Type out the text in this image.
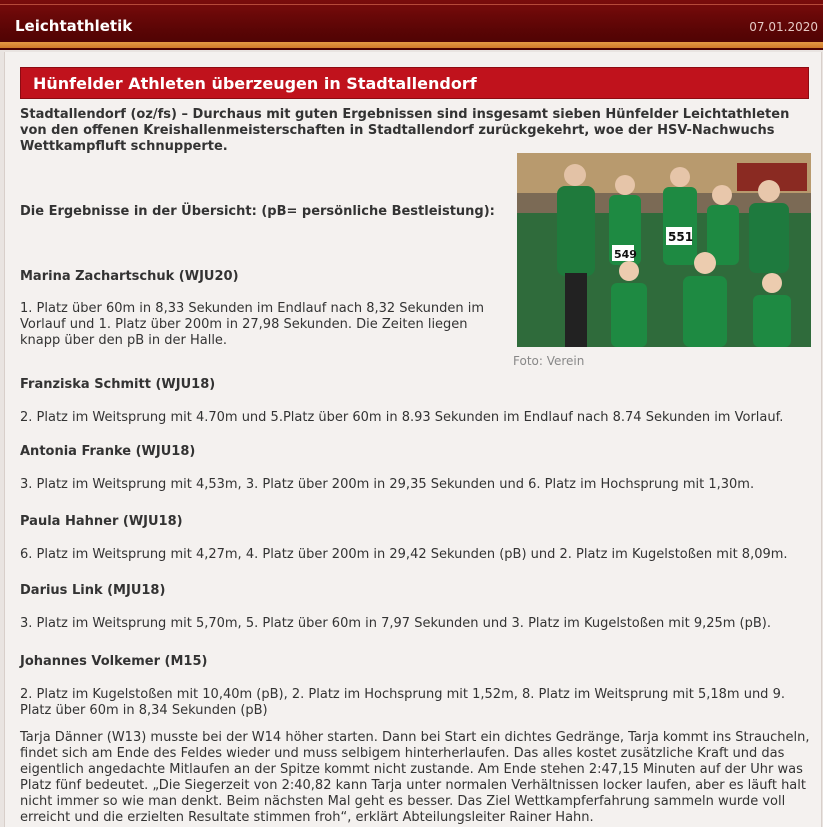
Leichtathletik	07.01.2020
Hünfelder Athleten überzeugen in Stadtallendorf
Stadtallendorf (oz/fs) – Durchaus mit guten Ergebnissen sind insgesamt sieben Hünfelder Leichtathleten von den offenen Kreishallenmeisterschaften in Stadtallendorf zurückgekehrt, woe der HSV-Nachwuchs Wettkampfluft schnupperte.
549
551
Foto: Verein
Die Ergebnisse in der Übersicht: (pB= persönliche Bestleistung):
Marina Zachartschuk (WJU20)
1. Platz über 60m in 8,33 Sekunden im Endlauf nach 8,32 Sekunden im Vorlauf und 1. Platz über 200m in 27,98 Sekunden. Die Zeiten liegen knapp über den pB in der Halle.
Franziska Schmitt (WJU18)
2. Platz im Weitsprung mit 4.70m und 5.Platz über 60m in 8.93 Sekunden im Endlauf nach 8.74 Sekunden im Vorlauf.
Antonia Franke (WJU18)
3. Platz im Weitsprung mit 4,53m, 3. Platz über 200m in 29,35 Sekunden und 6. Platz im Hochsprung mit 1,30m.
Paula Hahner (WJU18)
6. Platz im Weitsprung mit 4,27m, 4. Platz über 200m in 29,42 Sekunden (pB) und 2. Platz im Kugelstoßen mit 8,09m.
Darius Link (MJU18)
3. Platz im Weitsprung mit 5,70m, 5. Platz über 60m in 7,97 Sekunden und 3. Platz im Kugelstoßen mit 9,25m (pB).
Johannes Volkemer (M15)
2. Platz im Kugelstoßen mit 10,40m (pB), 2. Platz im Hochsprung mit 1,52m, 8. Platz im Weitsprung mit 5,18m und 9. Platz über 60m in 8,34 Sekunden (pB)
Tarja Dänner (W13) musste bei der W14 höher starten. Dann bei Start ein dichtes Gedränge, Tarja kommt ins Straucheln, findet sich am Ende des Feldes wieder und muss selbigem hinterherlaufen. Das alles kostet zusätzliche Kraft und das eigentlich angedachte Mitlaufen an der Spitze kommt nicht zustande. Am Ende stehen 2:47,15 Minuten auf der Uhr was Platz fünf bedeutet. „Die Siegerzeit von 2:40,82 kann Tarja unter normalen Verhältnissen locker laufen, aber es läuft halt nicht immer so wie man denkt. Beim nächsten Mal geht es besser. Das Ziel Wettkampferfahrung sammeln wurde voll erreicht und die erzielten Resultate stimmen froh“, erklärt Abteilungsleiter Rainer Hahn.
